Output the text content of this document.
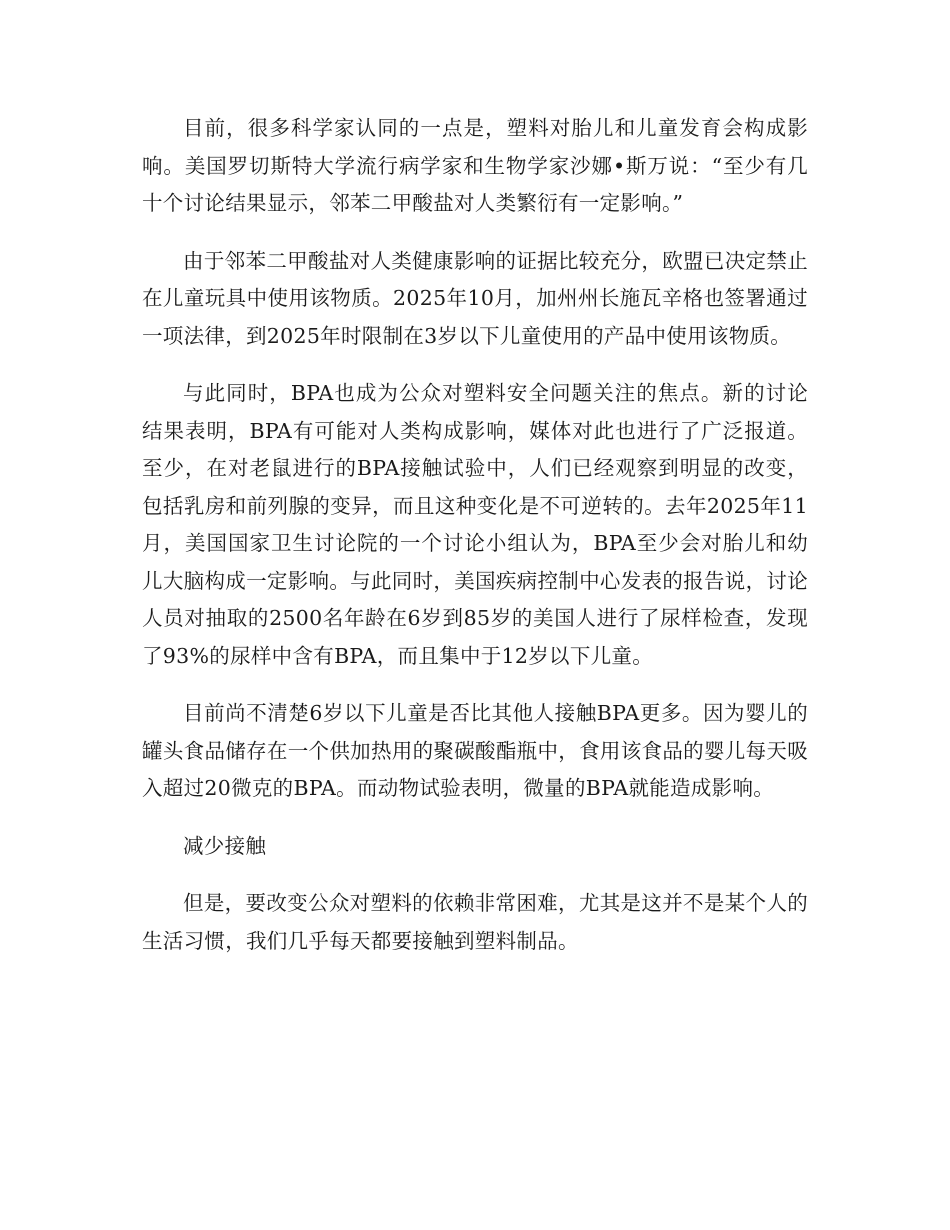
目前，很多科学家认同的一点是，塑料对胎儿和儿童发育会构成影响。美国罗切斯特大学流行病学家和生物学家沙娜•斯万说：“至少有几十个讨论结果显示，邻苯二甲酸盐对人类繁衍有一定影响。”

由于邻苯二甲酸盐对人类健康影响的证据比较充分，欧盟已决定禁止在儿童玩具中使用该物质。2025年10月，加州州长施瓦辛格也签署通过一项法律，到2025年时限制在3岁以下儿童使用的产品中使用该物质。

与此同时，BPA也成为公众对塑料安全问题关注的焦点。新的讨论结果表明，BPA有可能对人类构成影响，媒体对此也进行了广泛报道。至少，在对老鼠进行的BPA接触试验中，人们已经观察到明显的改变，包括乳房和前列腺的变异，而且这种变化是不可逆转的。去年2025年11月，美国国家卫生讨论院的一个讨论小组认为，BPA至少会对胎儿和幼儿大脑构成一定影响。与此同时，美国疾病控制中心发表的报告说，讨论人员对抽取的2500名年龄在6岁到85岁的美国人进行了尿样检查，发现了93%的尿样中含有BPA，而且集中于12岁以下儿童。

目前尚不清楚6岁以下儿童是否比其他人接触BPA更多。因为婴儿的罐头食品储存在一个供加热用的聚碳酸酯瓶中，食用该食品的婴儿每天吸入超过20微克的BPA。而动物试验表明，微量的BPA就能造成影响。

减少接触

但是，要改变公众对塑料的依赖非常困难，尤其是这并不是某个人的生活习惯，我们几乎每天都要接触到塑料制品。
